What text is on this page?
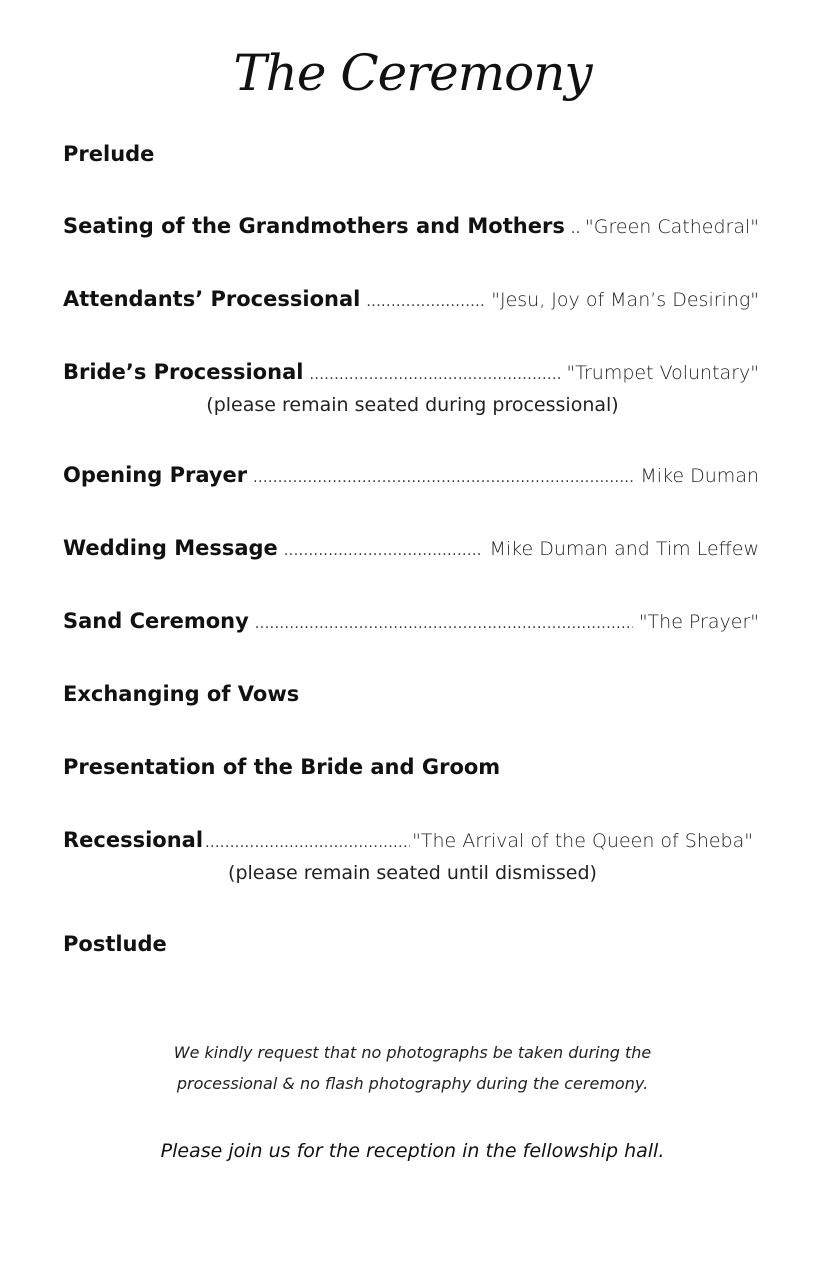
The Ceremony
Prelude
Seating of the Grandmothers and Mothers ..... "Green Cathedral"
Attendants’ Processional .....	"Jesu, Joy of Man’s Desiring"
Bride’s Processional .....	"Trumpet Voluntary"
(please remain seated during processional)
Opening Prayer .....	Mike Duman
Wedding Message .....	Mike Duman and Tim Leffew
Sand Ceremony .....	"The Prayer"
Exchanging of Vows
Presentation of the Bride and Groom
Recessional .....	"The Arrival of the Queen of Sheba"
(please remain seated until dismissed)
Postlude
We kindly request that no photographs be taken during the
processional & no flash photography during the ceremony.
Please join us for the reception in the fellowship hall.
